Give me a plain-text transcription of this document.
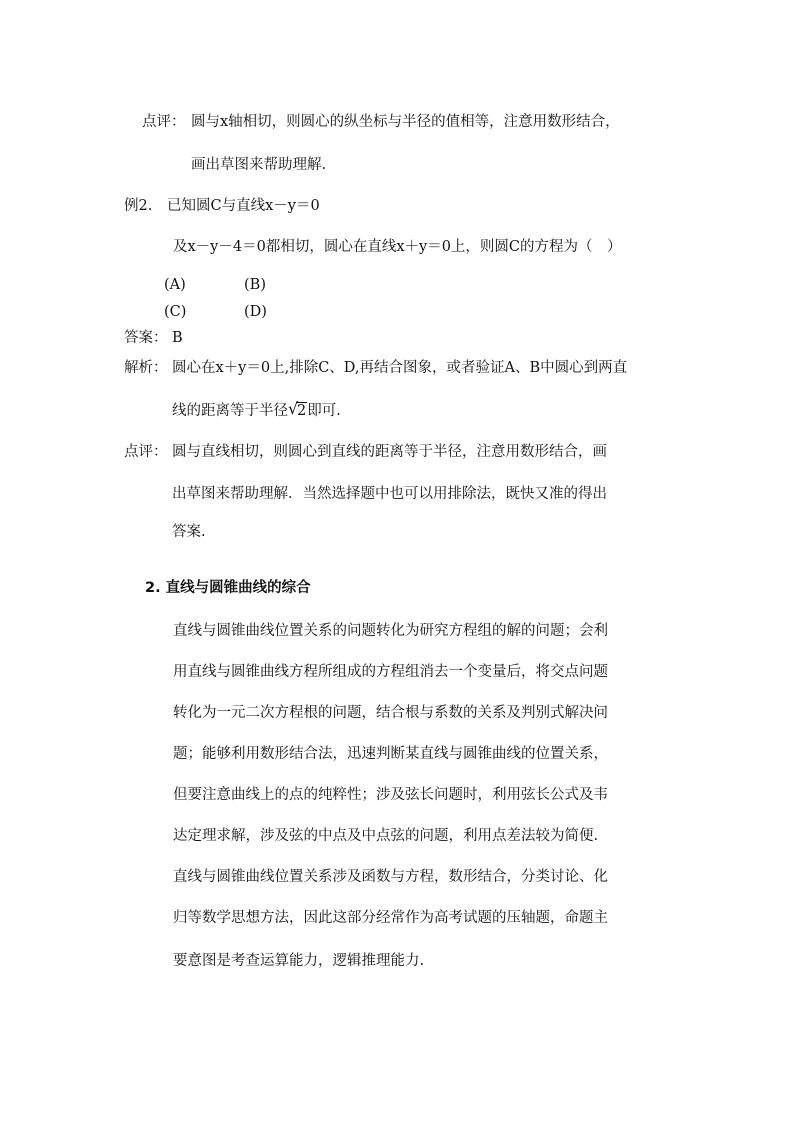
点评： 圆与x轴相切，则圆心的纵坐标与半径的值相等，注意用数形结合，
画出草图来帮助理解.
例2. 已知圆C与直线x－y＝0
及x－y－4＝0都相切，圆心在直线x＋y＝0上，则圆C的方程为（　）
(A)	(B)
(C)	(D)
答案： B
解析： 圆心在x＋y＝0上,排除C、D,再结合图象，或者验证A、B中圆心到两直
线的距离等于半径 √
2即可.
点评： 圆与直线相切，则圆心到直线的距离等于半径，注意用数形结合，画
出草图来帮助理解．当然选择题中也可以用排除法，既快又准的得出
答案.
2. 直线与圆锥曲线的综合
直线与圆锥曲线位置关系的问题转化为研究方程组的解的问题；会利
用直线与圆锥曲线方程所组成的方程组消去一个变量后，将交点问题
转化为一元二次方程根的问题，结合根与系数的关系及判别式解决问
题；能够利用数形结合法，迅速判断某直线与圆锥曲线的位置关系，
但要注意曲线上的点的纯粹性；涉及弦长问题时，利用弦长公式及韦
达定理求解，涉及弦的中点及中点弦的问题，利用点差法较为简便.
直线与圆锥曲线位置关系涉及函数与方程，数形结合，分类讨论、化
归等数学思想方法，因此这部分经常作为高考试题的压轴题，命题主
要意图是考查运算能力，逻辑推理能力.
